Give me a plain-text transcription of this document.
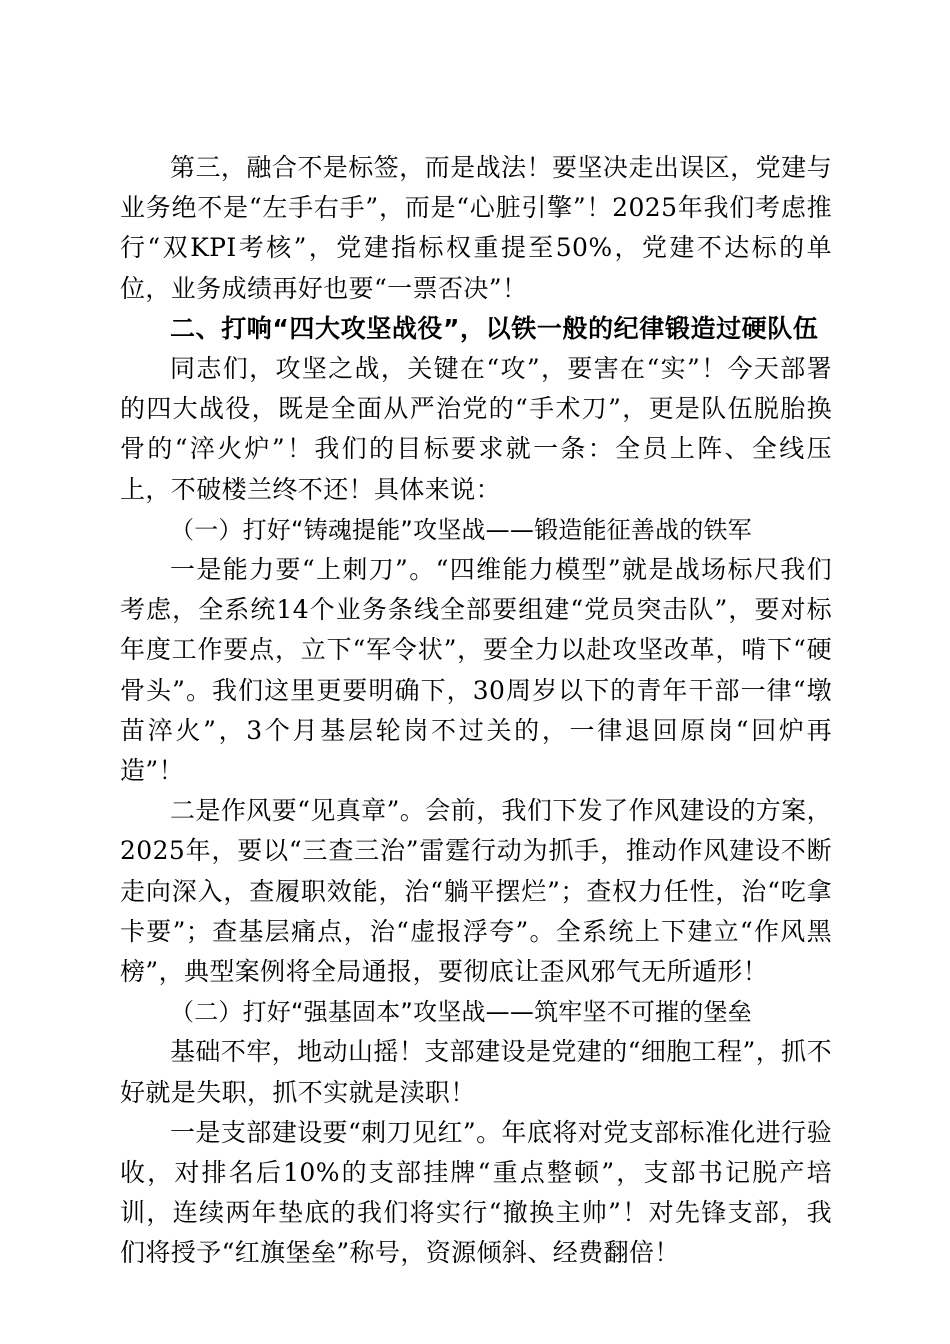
第三，融合不是标签，而是战法！要坚决走出误区，党建与业务绝不是“左手右手”，而是“心脏引擎”！2025年我们考虑推行“双KPI考核”，党建指标权重提至50%，党建不达标的单位，业务成绩再好也要“一票否决”！

二、打响“四大攻坚战役”，以铁一般的纪律锻造过硬队伍

同志们，攻坚之战，关键在“攻”，要害在“实”！今天部署的四大战役，既是全面从严治党的“手术刀”，更是队伍脱胎换骨的“淬火炉”！我们的目标要求就一条：全员上阵、全线压上，不破楼兰终不还！具体来说：

（一）打好“铸魂提能”攻坚战——锻造能征善战的铁军

一是能力要“上刺刀”。“四维能力模型”就是战场标尺我们考虑，全系统14个业务条线全部要组建“党员突击队”，要对标年度工作要点，立下“军令状”，要全力以赴攻坚改革，啃下“硬骨头”。我们这里更要明确下，30周岁以下的青年干部一律“墩苗淬火”，3个月基层轮岗不过关的，一律退回原岗“回炉再造”！

二是作风要“见真章”。会前，我们下发了作风建设的方案，2025年，要以“三查三治”雷霆行动为抓手，推动作风建设不断走向深入，查履职效能，治“躺平摆烂”；查权力任性，治“吃拿卡要”；查基层痛点，治“虚报浮夸”。全系统上下建立“作风黑榜”，典型案例将全局通报，要彻底让歪风邪气无所遁形！

（二）打好“强基固本”攻坚战——筑牢坚不可摧的堡垒

基础不牢，地动山摇！支部建设是党建的“细胞工程”，抓不好就是失职，抓不实就是渎职！

一是支部建设要“刺刀见红”。年底将对党支部标准化进行验收，对排名后10%的支部挂牌“重点整顿”，支部书记脱产培训，连续两年垫底的我们将实行“撤换主帅”！对先锋支部，我们将授予“红旗堡垒”称号，资源倾斜、经费翻倍！
